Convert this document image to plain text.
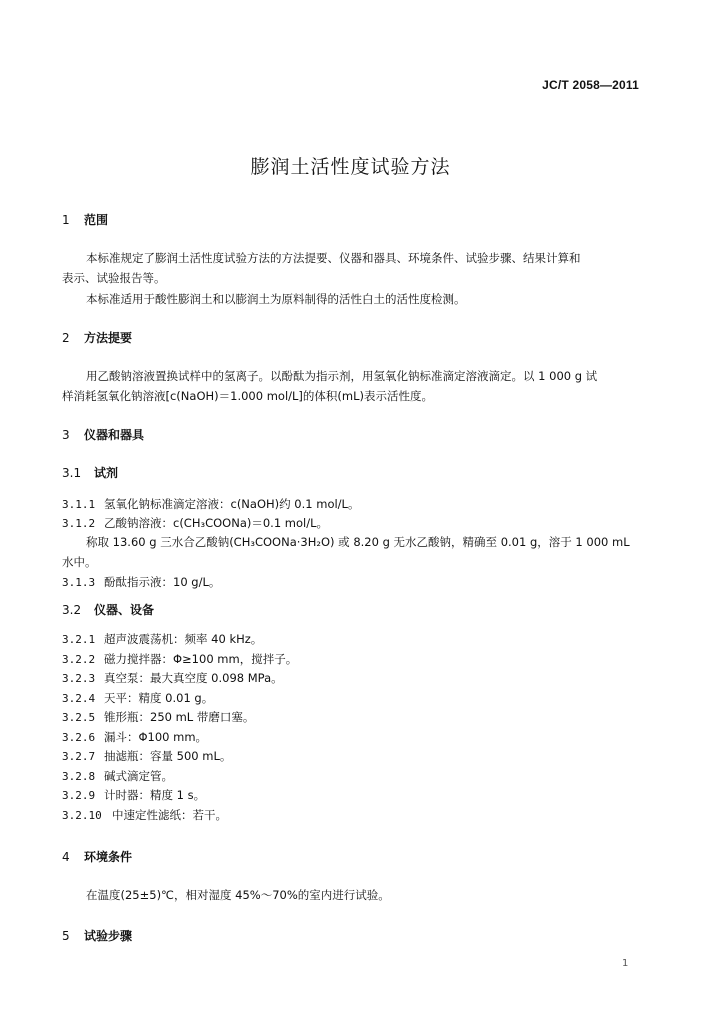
JC/T 2058—2011
膨润土活性度试验方法
1 范围
本标准规定了膨润土活性度试验方法的方法提要、仪器和器具、环境条件、试验步骤、结果计算和
表示、试验报告等。
本标准适用于酸性膨润土和以膨润土为原料制得的活性白土的活性度检测。
2 方法提要
用乙酸钠溶液置换试样中的氢离子。以酚酞为指示剂，用氢氧化钠标准滴定溶液滴定。以 1 000 g 试
样消耗氢氧化钠溶液[c(NaOH)＝1.000 mol/L]的体积(mL)表示活性度。
3 仪器和器具
3.1 试剂
3.1.1 氢氧化钠标准滴定溶液：c(NaOH)约 0.1 mol/L。
3.1.2 乙酸钠溶液：c(CH₃COONa)＝0.1 mol/L。
称取 13.60 g 三水合乙酸钠(CH₃COONa·3H₂O) 或 8.20 g 无水乙酸钠，精确至 0.01 g，溶于 1 000 mL
水中。
3.1.3 酚酞指示液：10 g/L。
3.2 仪器、设备
3.2.1 超声波震荡机：频率 40 kHz。
3.2.2 磁力搅拌器：Φ≥100 mm，搅拌子。
3.2.3 真空泵：最大真空度 0.098 MPa。
3.2.4 天平：精度 0.01 g。
3.2.5 锥形瓶：250 mL 带磨口塞。
3.2.6 漏斗：Φ100 mm。
3.2.7 抽滤瓶：容量 500 mL。
3.2.8 碱式滴定管。
3.2.9 计时器：精度 1 s。
3.2.10 中速定性滤纸：若干。
4 环境条件
在温度(25±5)℃，相对湿度 45%～70%的室内进行试验。
5 试验步骤
1
